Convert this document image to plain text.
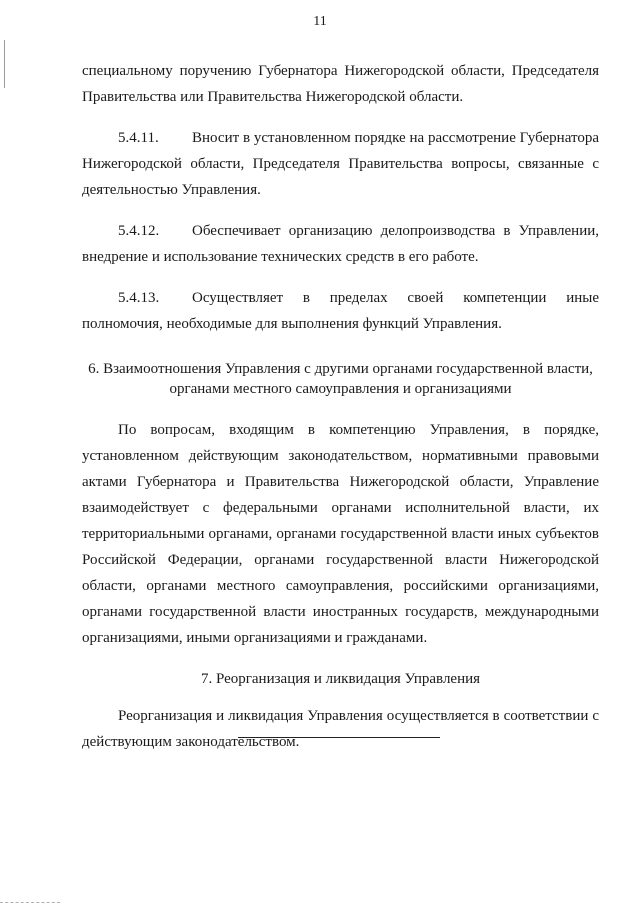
11

специальному поручению Губернатора Нижегородской области, Председателя Правительства или Правительства Нижегородской области.

5.4.11. Вносит в установленном порядке на рассмотрение Губернатора Нижегородской области, Председателя Правительства вопросы, связанные с деятельностью Управления.

5.4.12. Обеспечивает организацию делопроизводства в Управлении, внедрение и использование технических средств в его работе.

5.4.13. Осуществляет в пределах своей компетенции иные полномочия, необходимые для выполнения функций Управления.

6. Взаимоотношения Управления с другими органами государственной власти,
органами местного самоуправления и организациями

По вопросам, входящим в компетенцию Управления, в порядке, установленном действующим законодательством, нормативными правовыми актами Губернатора и Правительства Нижегородской области, Управление взаимодействует с федеральными органами исполнительной власти, их территориальными органами, органами государственной власти иных субъектов Российской Федерации, органами государственной власти Нижегородской области, органами местного самоуправления, российскими организациями, органами государственной власти иностранных государств, международными организациями, иными организациями и гражданами.

7. Реорганизация и ликвидация Управления

Реорганизация и ликвидация Управления осуществляется в соответствии с действующим законодательством.
